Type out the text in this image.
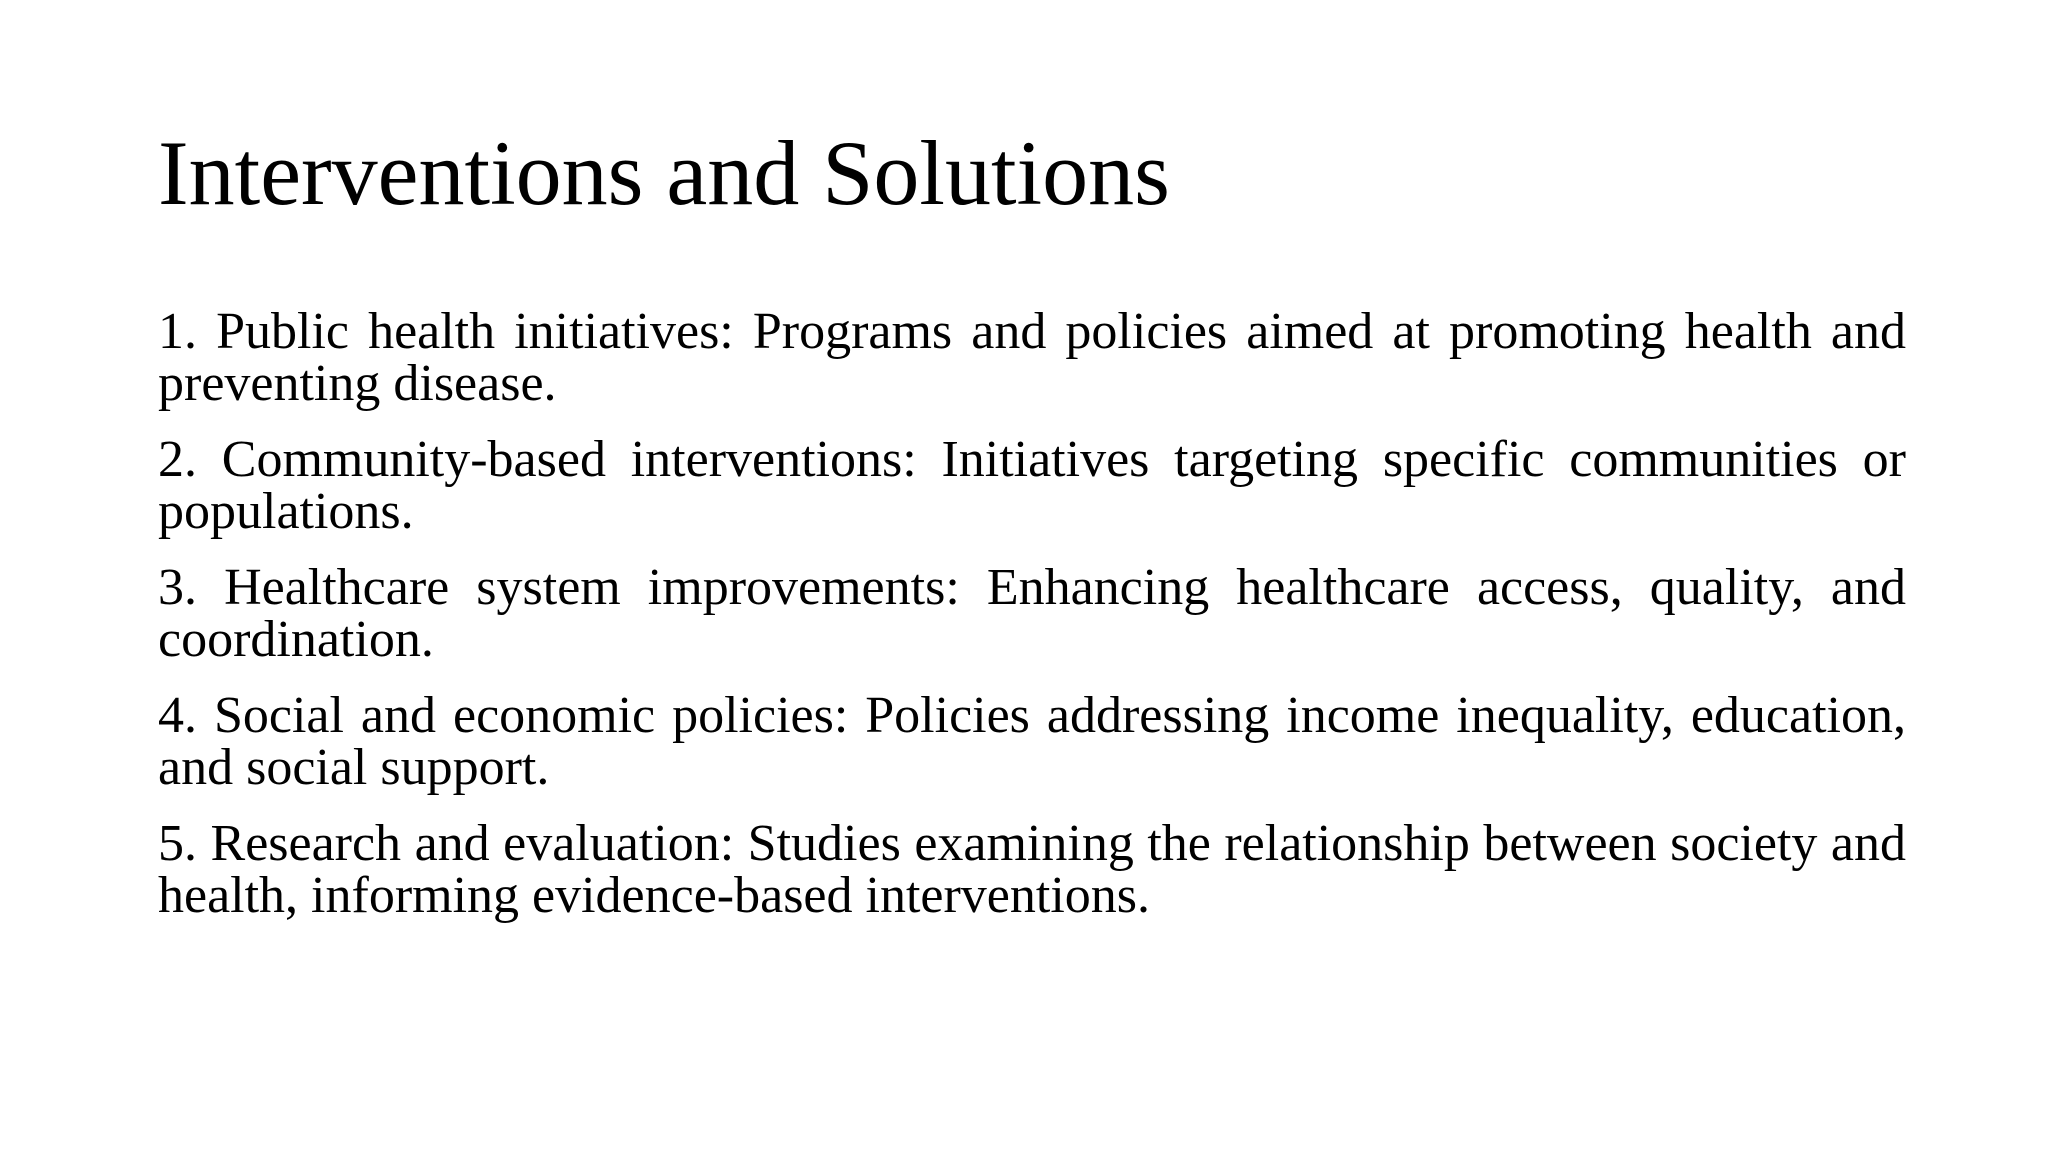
Interventions and Solutions
1. Public health initiatives: Programs and policies aimed at promoting health and preventing disease.
2. Community-based interventions: Initiatives targeting specific communities or populations.
3. Healthcare system improvements: Enhancing healthcare access, quality, and coordination.
4. Social and economic policies: Policies addressing income inequality, education, and social support.
5. Research and evaluation: Studies examining the relationship between society and health, informing evidence-based interventions.
